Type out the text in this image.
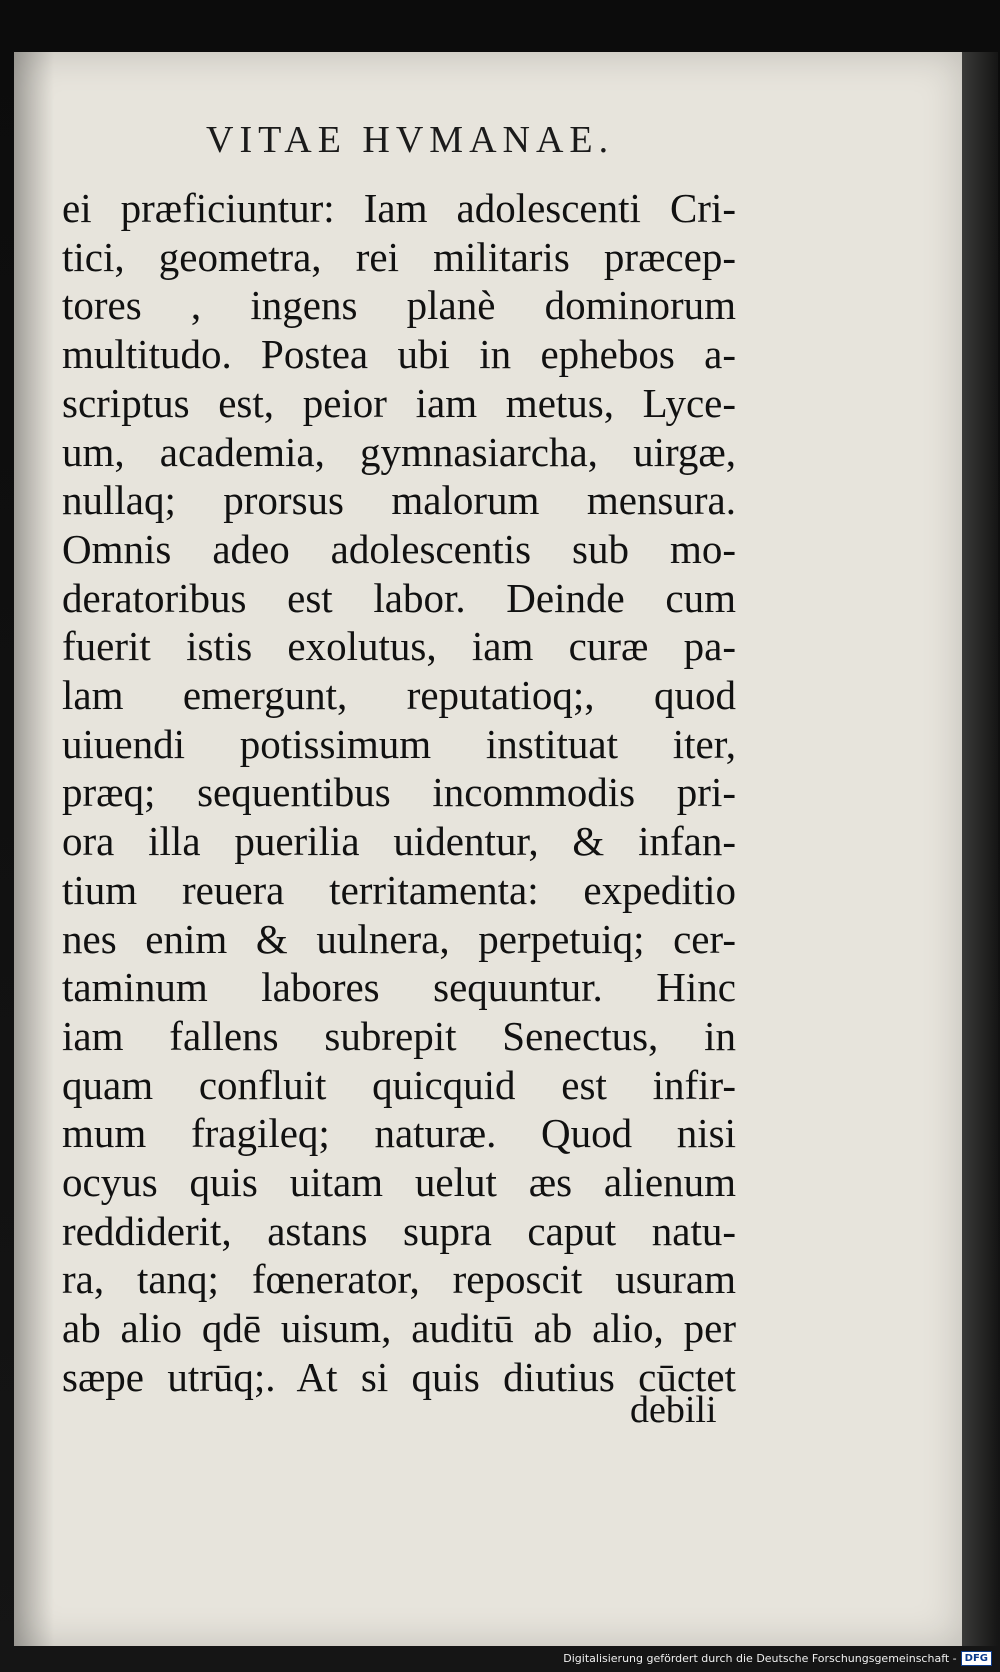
VITAE HVMANAE.
ei præficiuntur: Iam adolescenti Cri-
tici, geometra, rei militaris præcep-
tores , ingens planè dominorum
multitudo. Postea ubi in ephebos a-
scriptus est, peior iam metus, Lyce-
um, academia, gymnasiarcha, uirgæ,
nullaq; prorsus malorum mensura.
Omnis adeo adolescentis sub mo-
deratoribus est labor. Deinde cum
fuerit istis exolutus, iam curæ pa-
lam emergunt, reputatioq;, quod
uiuendi potissimum instituat iter,
præq; sequentibus incommodis pri-
ora illa puerilia uidentur, & infan-
tium reuera territamenta: expeditio
nes enim & uulnera, perpetuiq; cer-
taminum labores sequuntur. Hinc
iam fallens subrepit Senectus, in
quam confluit quicquid est infir-
mum fragileq; naturæ. Quod nisi
ocyus quis uitam uelut æs alienum
reddiderit, astans supra caput natu-
ra, tanq; fœnerator, reposcit usuram
ab alio qdē uisum, auditū ab alio, per
sæpe utrūq;. At si quis diutius cūctet
debili
Digitalisierung gefördert durch die Deutsche Forschungsgemeinschaft - DFG
